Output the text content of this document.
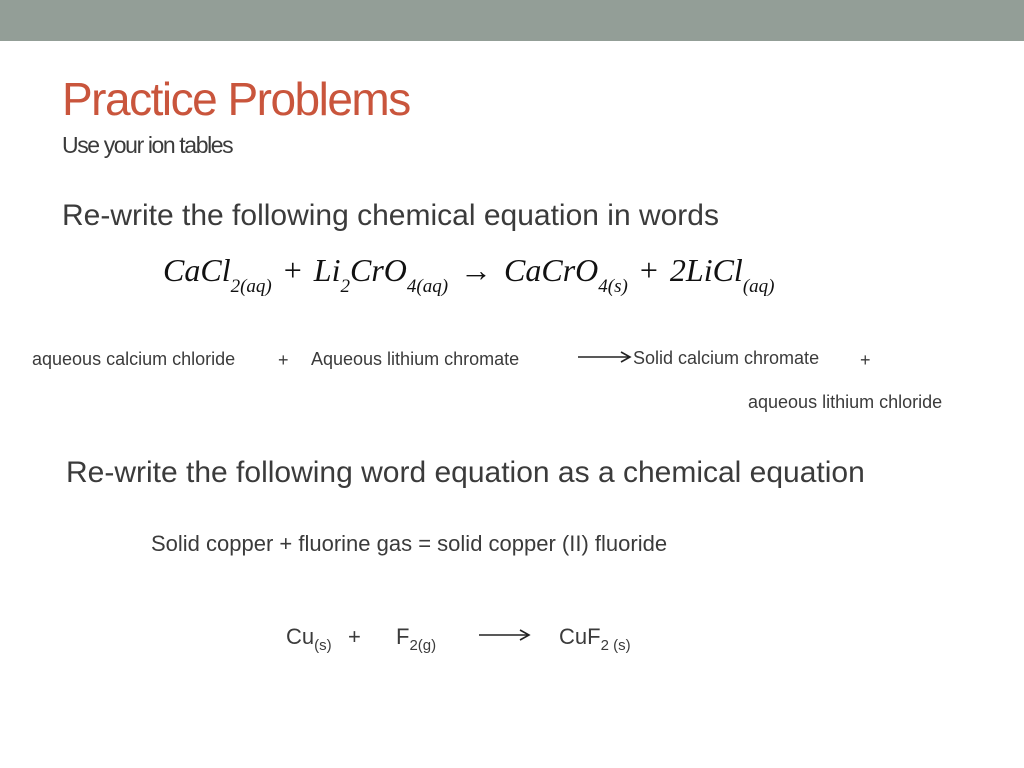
Practice Problems
Use your ion tables
Re-write the following chemical equation in words
CaCl$_{2(aq)}$ + $Li_2CrO_{4(aq)}$ → CaCrO$_{4(s)}$ + 2LiCl$_{(aq)}$
aqueous calcium chloride + Aqueous lithium chromate	→ Solid calcium chromate +
aqueous lithium chloride
Re-write the following word equation as a chemical equation
Solid copper + fluorine gas = solid copper (II) fluoride
$Cu_{(s)} + F_{2(g)}$	CuF$_{2 (s)}$
